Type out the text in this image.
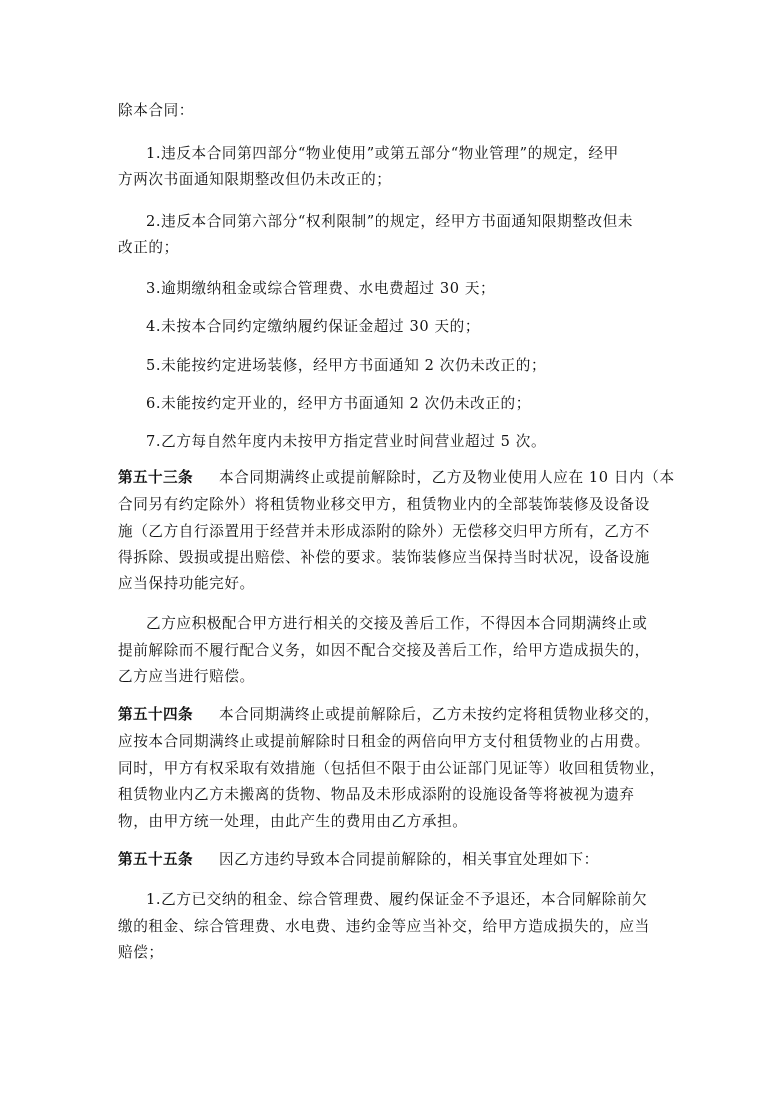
除本合同：
1.违反本合同第四部分“物业使用”或第五部分“物业管理”的规定，经甲
方两次书面通知限期整改但仍未改正的；
2.违反本合同第六部分“权利限制”的规定，经甲方书面通知限期整改但未
改正的；
3.逾期缴纳租金或综合管理费、水电费超过 30 天；
4.未按本合同约定缴纳履约保证金超过 30 天的；
5.未能按约定进场装修，经甲方书面通知 2 次仍未改正的；
6.未能按约定开业的，经甲方书面通知 2 次仍未改正的；
7.乙方每自然年度内未按甲方指定营业时间营业超过 5 次。
第五十三条 本合同期满终止或提前解除时，乙方及物业使用人应在 10 日内（本
合同另有约定除外）将租赁物业移交甲方，租赁物业内的全部装饰装修及设备设
施（乙方自行添置用于经营并未形成添附的除外）无偿移交归甲方所有，乙方不
得拆除、毁损或提出赔偿、补偿的要求。装饰装修应当保持当时状况，设备设施
应当保持功能完好。
乙方应积极配合甲方进行相关的交接及善后工作，不得因本合同期满终止或
提前解除而不履行配合义务，如因不配合交接及善后工作，给甲方造成损失的，
乙方应当进行赔偿。
第五十四条 本合同期满终止或提前解除后，乙方未按约定将租赁物业移交的，
应按本合同期满终止或提前解除时日租金的两倍向甲方支付租赁物业的占用费。
同时，甲方有权采取有效措施（包括但不限于由公证部门见证等）收回租赁物业，
租赁物业内乙方未搬离的货物、物品及未形成添附的设施设备等将被视为遗弃
物，由甲方统一处理，由此产生的费用由乙方承担。
第五十五条 因乙方违约导致本合同提前解除的，相关事宜处理如下：
1.乙方已交纳的租金、综合管理费、履约保证金不予退还，本合同解除前欠
缴的租金、综合管理费、水电费、违约金等应当补交，给甲方造成损失的，应当
赔偿；
